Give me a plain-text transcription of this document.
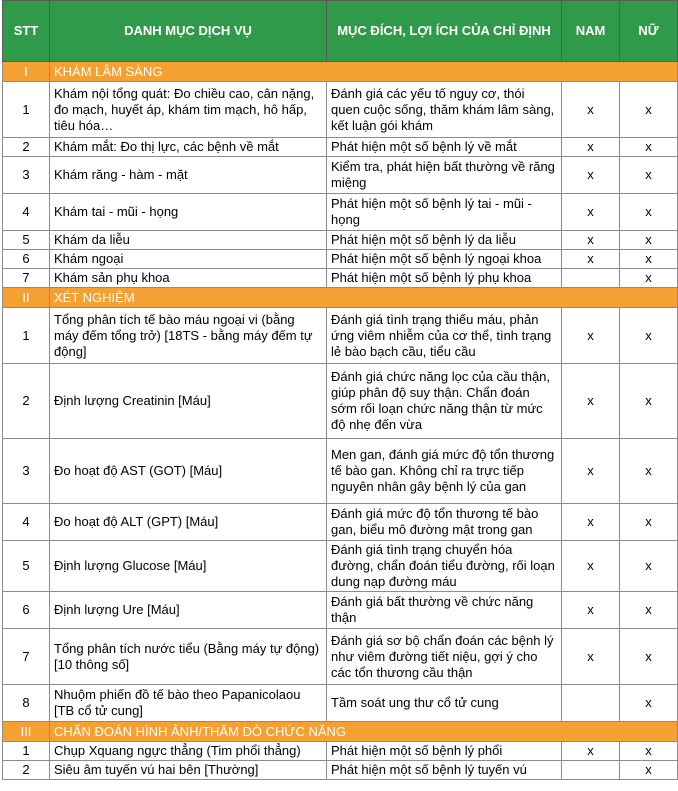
STT	DANH MỤC DỊCH VỤ	MỤC ĐÍCH, LỢI ÍCH CỦA CHỈ ĐỊNH	NAM	NỮ
I	KHÁM LÂM SÀNG			
1	Khám nội tổng quát: Đo chiều cao, cân nặng, đo mạch, huyết áp, khám tim mạch, hô hấp, tiêu hóa…	Đánh giá các yếu tố nguy cơ, thói quen cuộc sống, thăm khám lâm sàng, kết luận gói khám	x	x
2	Khám mắt: Đo thị lực, các bệnh về mắt	Phát hiện một số bệnh lý về mắt	x	x
3	Khám răng - hàm - mặt	Kiểm tra, phát hiện bất thường về răng miệng	x	x
4	Khám tai - mũi - họng	Phát hiện một số bệnh lý tai - mũi - họng	x	x
5	Khám da liễu	Phát hiện một số bệnh lý da liễu	x	x
6	Khám ngoại	Phát hiện một số bệnh lý ngoại khoa	x	x
7	Khám sản phụ khoa	Phát hiện một số bệnh lý phụ khoa		x
II	XÉT NGHIỆM			
1	Tổng phân tích tế bào máu ngoại vi (bằng máy đếm tổng trở) [18TS - bằng máy đếm tự động]	Đánh giá tình trạng thiếu máu, phản ứng viêm nhiễm của cơ thể, tình trạng lẻ bào bạch cầu, tiểu cầu	x	x
2	Định lượng Creatinin [Máu]	Đánh giá chức năng lọc của cầu thận, giúp phân độ suy thận. Chẩn đoán sớm rối loạn chức năng thận từ mức độ nhẹ đến vừa	x	x
3	Đo hoạt độ AST (GOT) [Máu]	Men gan, đánh giá mức độ tổn thương tế bào gan. Không chỉ ra trực tiếp nguyên nhân gây bệnh lý của gan	x	x
4	Đo hoạt độ ALT (GPT) [Máu]	Đánh giá mức độ tổn thương tế bào gan, biểu mô đường mật trong gan	x	x
5	Định lượng Glucose [Máu]	Đánh giá tình trạng chuyển hóa đường, chẩn đoán tiểu đường, rối loạn dung nạp đường máu	x	x
6	Định lượng Ure [Máu]	Đánh giá bất thường về chức năng thận	x	x
7	Tổng phân tích nước tiểu (Bằng máy tự động) [10 thông số]	Đánh giá sơ bộ chẩn đoán các bệnh lý như viêm đường tiết niệu, gợi ý cho các tổn thương cầu thận	x	x
8	Nhuộm phiến đồ tế bào theo Papanicolaou [TB cổ tử cung]	Tầm soát ung thư cổ tử cung		x
III	CHẨN ĐOÁN HÌNH ẢNH/THĂM DÒ CHỨC NĂNG			
1	Chụp Xquang ngực thẳng (Tim phổi thẳng)	Phát hiện một số bệnh lý phổi	x	x
2	Siêu âm tuyến vú hai bên [Thường]	Phát hiện một số bệnh lý tuyến vú		x
